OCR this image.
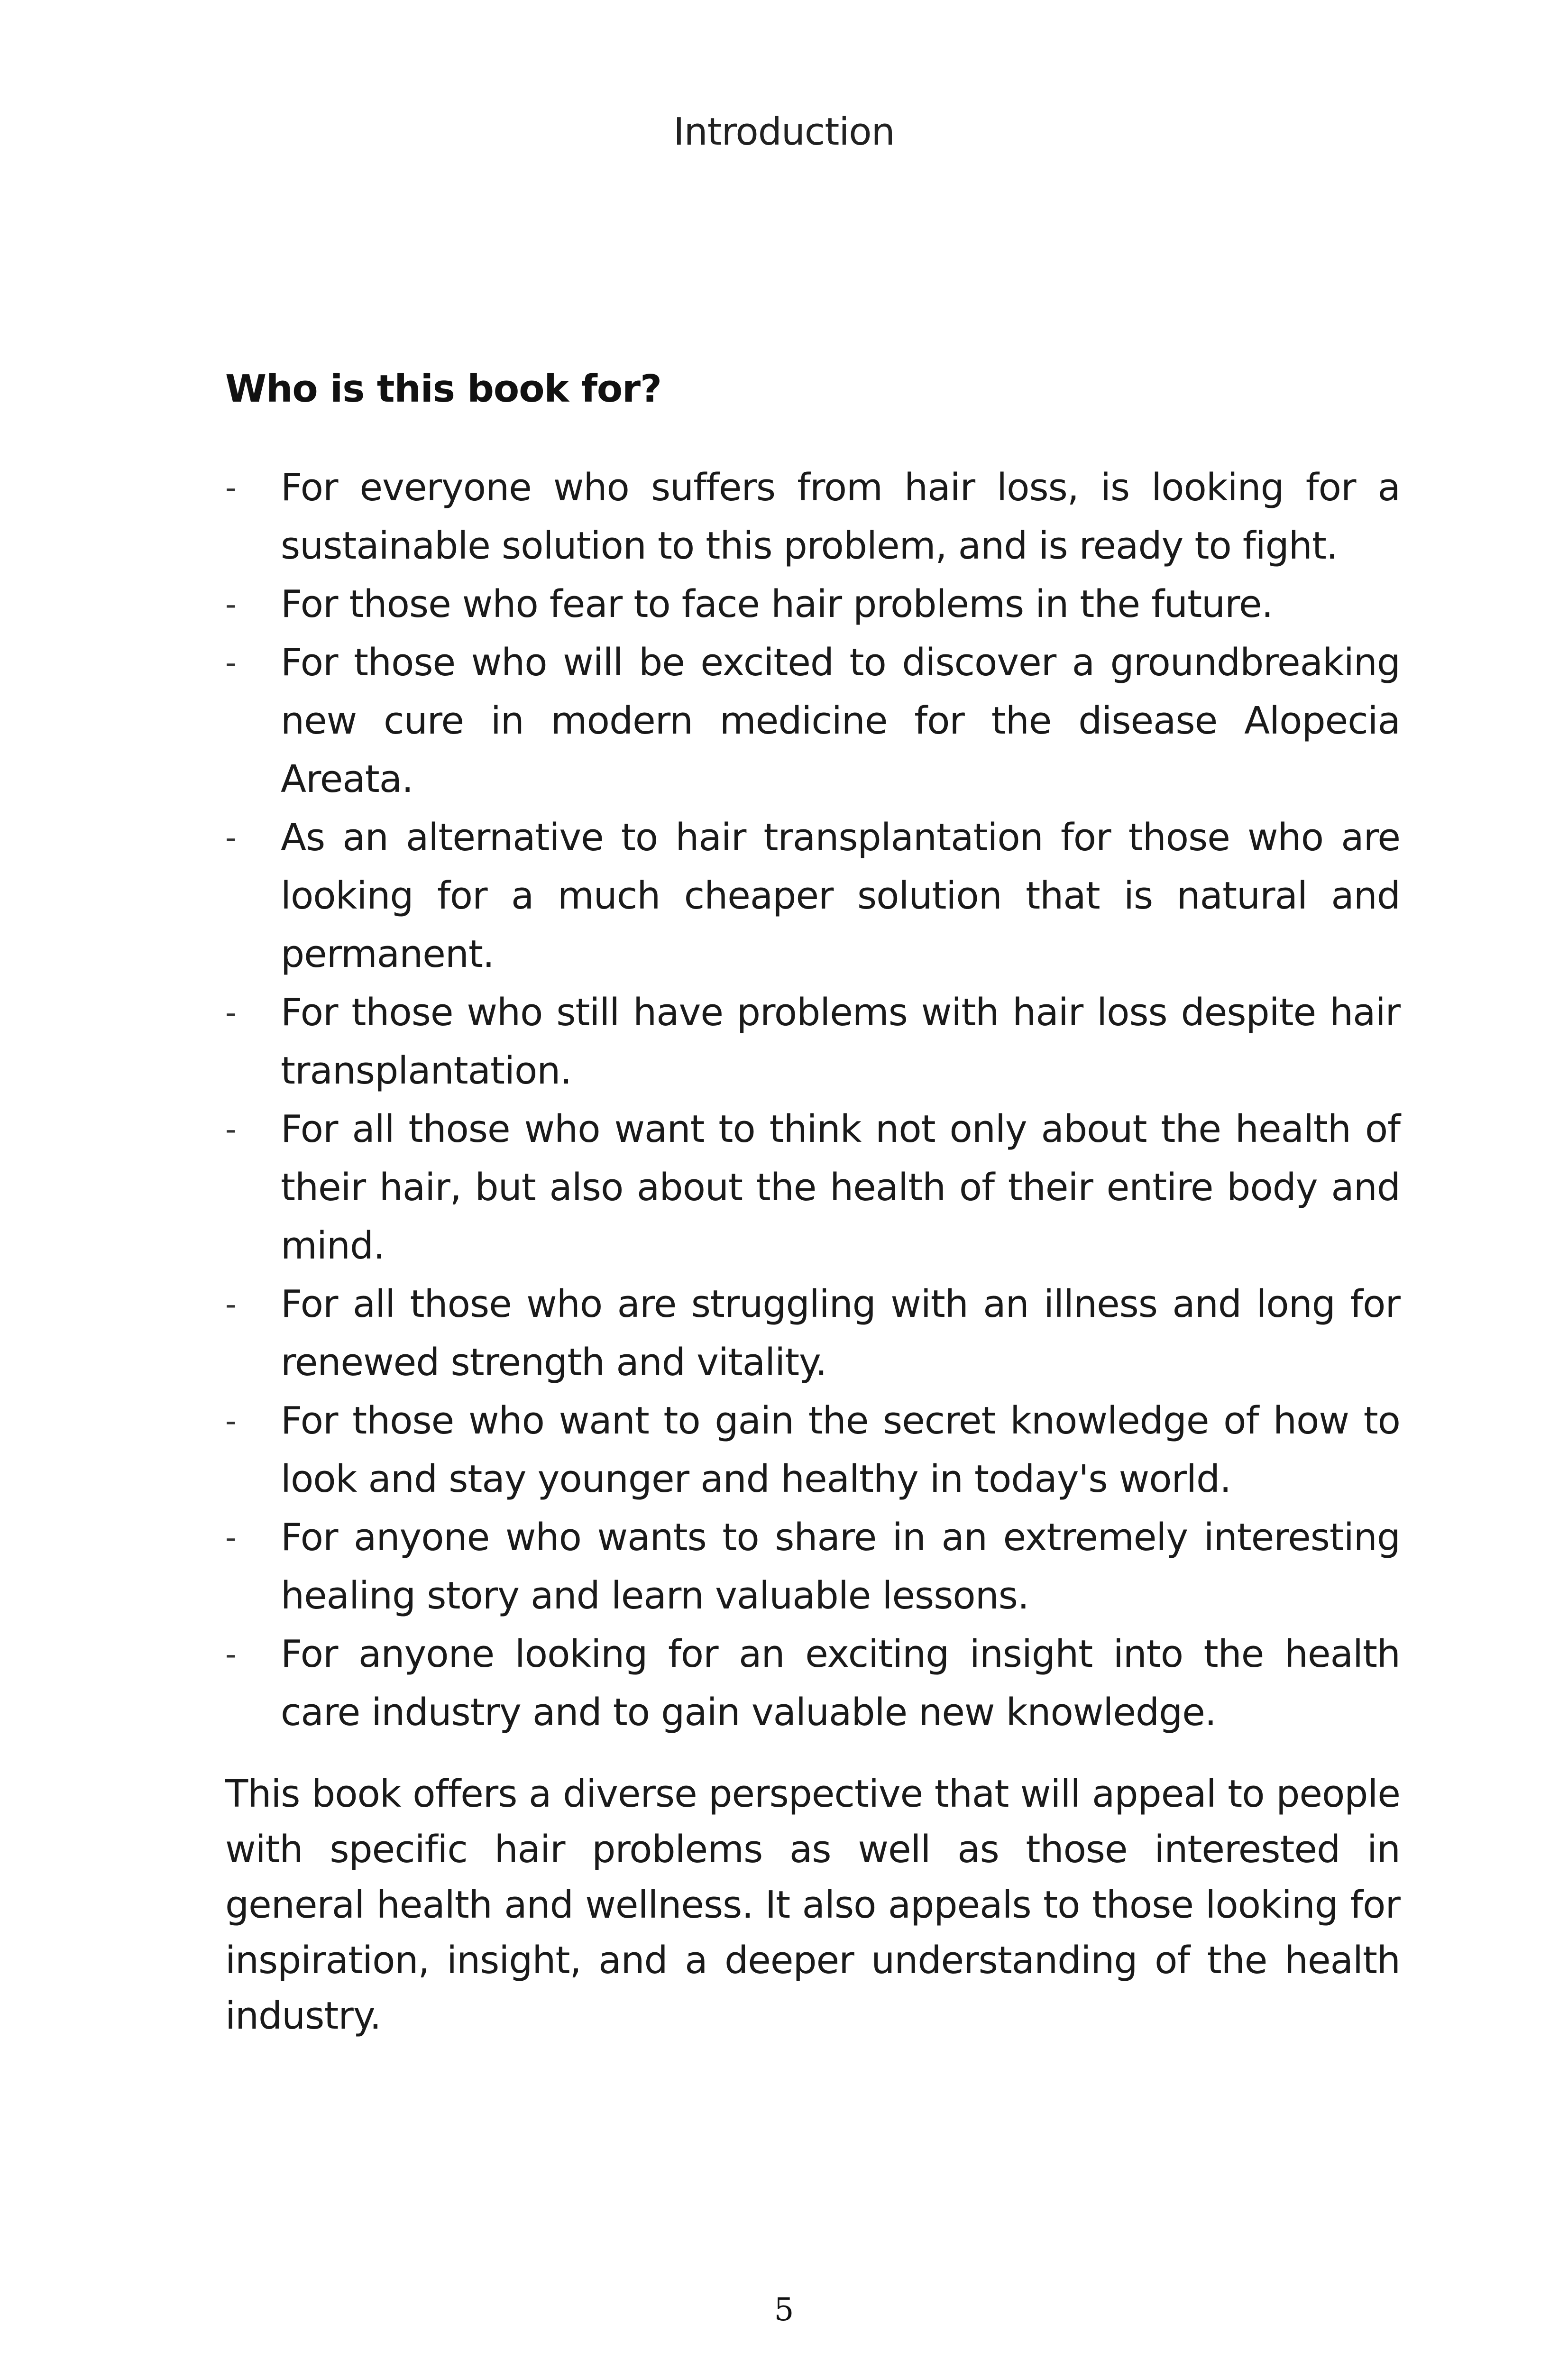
Introduction
Who is this book for?
- For everyone who suffers from hair loss, is looking for a sustainable solution to this problem, and is ready to fight.
- For those who fear to face hair problems in the future.
- For those who will be excited to discover a groundbreaking new cure in modern medicine for the disease Alopecia Areata.
- As an alternative to hair transplantation for those who are looking for a much cheaper solution that is natural and permanent.
- For those who still have problems with hair loss despite hair transplantation.
- For all those who want to think not only about the health of their hair, but also about the health of their entire body and mind.
- For all those who are struggling with an illness and long for renewed strength and vitality.
- For those who want to gain the secret knowledge of how to look and stay younger and healthy in today's world.
- For anyone who wants to share in an extremely interesting healing story and learn valuable lessons.
- For anyone looking for an exciting insight into the health care industry and to gain valuable new knowledge.

This book offers a diverse perspective that will appeal to people with specific hair problems as well as those interested in general health and wellness. It also appeals to those looking for inspiration, insight, and a deeper understanding of the health industry.

5
